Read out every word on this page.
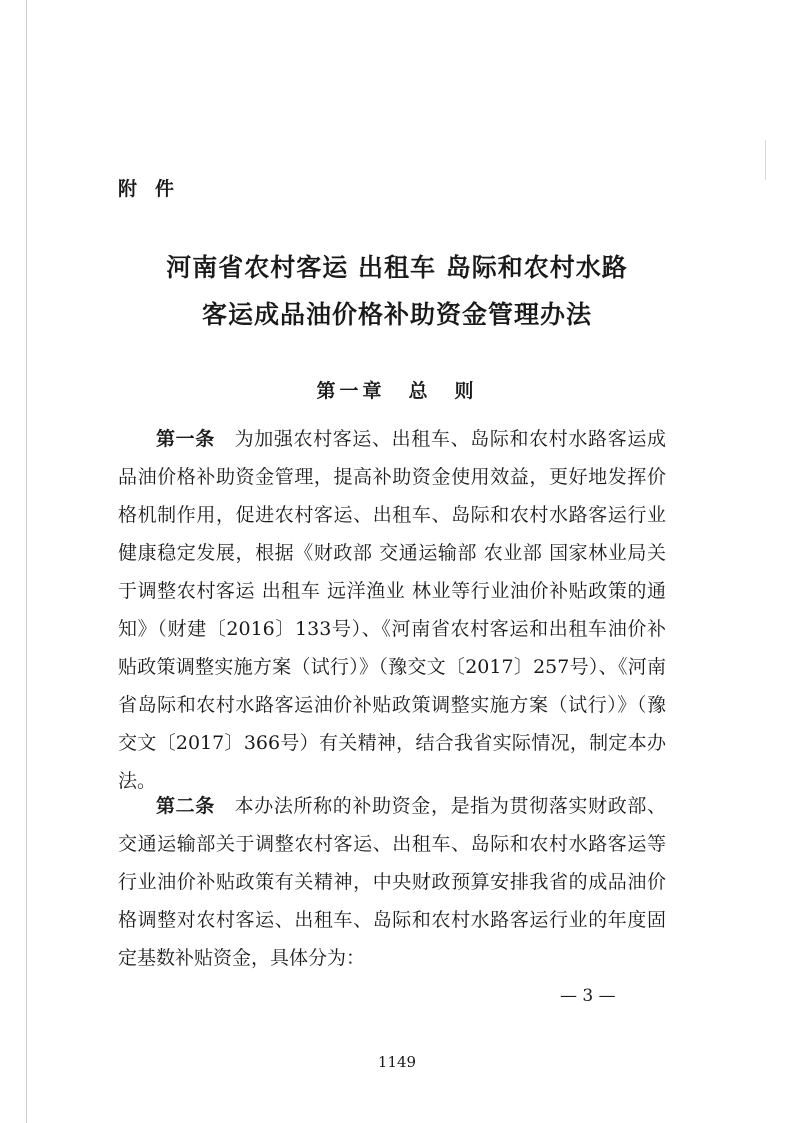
附件
河南省农村客运 出租车 岛际和农村水路
客运成品油价格补助资金管理办法
第一章　总　则

第一条　 为加强农村客运、出租车、岛际和农村水路客运成品油价格补助资金管理，提高补助资金使用效益，更好地发挥价格机制作用，促进农村客运、出租车、岛际和农村水路客运行业健康稳定发展，根据《财政部 交通运输部 农业部 国家林业局关于调整农村客运 出租车 远洋渔业 林业等行业油价补贴政策的通知》（财建〔2016〕133号）、《河南省农村客运和出租车油价补贴政策调整实施方案（试行）》（豫交文〔2017〕257号）、《河南省岛际和农村水路客运油价补贴政策调整实施方案（试行）》（豫交文〔2017〕366号）有关精神，结合我省实际情况，制定本办法。

第二条　 本办法所称的补助资金，是指为贯彻落实财政部、交通运输部关于调整农村客运、出租车、岛际和农村水路客运等行业油价补贴政策有关精神，中央财政预算安排我省的成品油价格调整对农村客运、出租车、岛际和农村水路客运行业的年度固定基数补贴资金，具体分为：

— 3 —
1149
